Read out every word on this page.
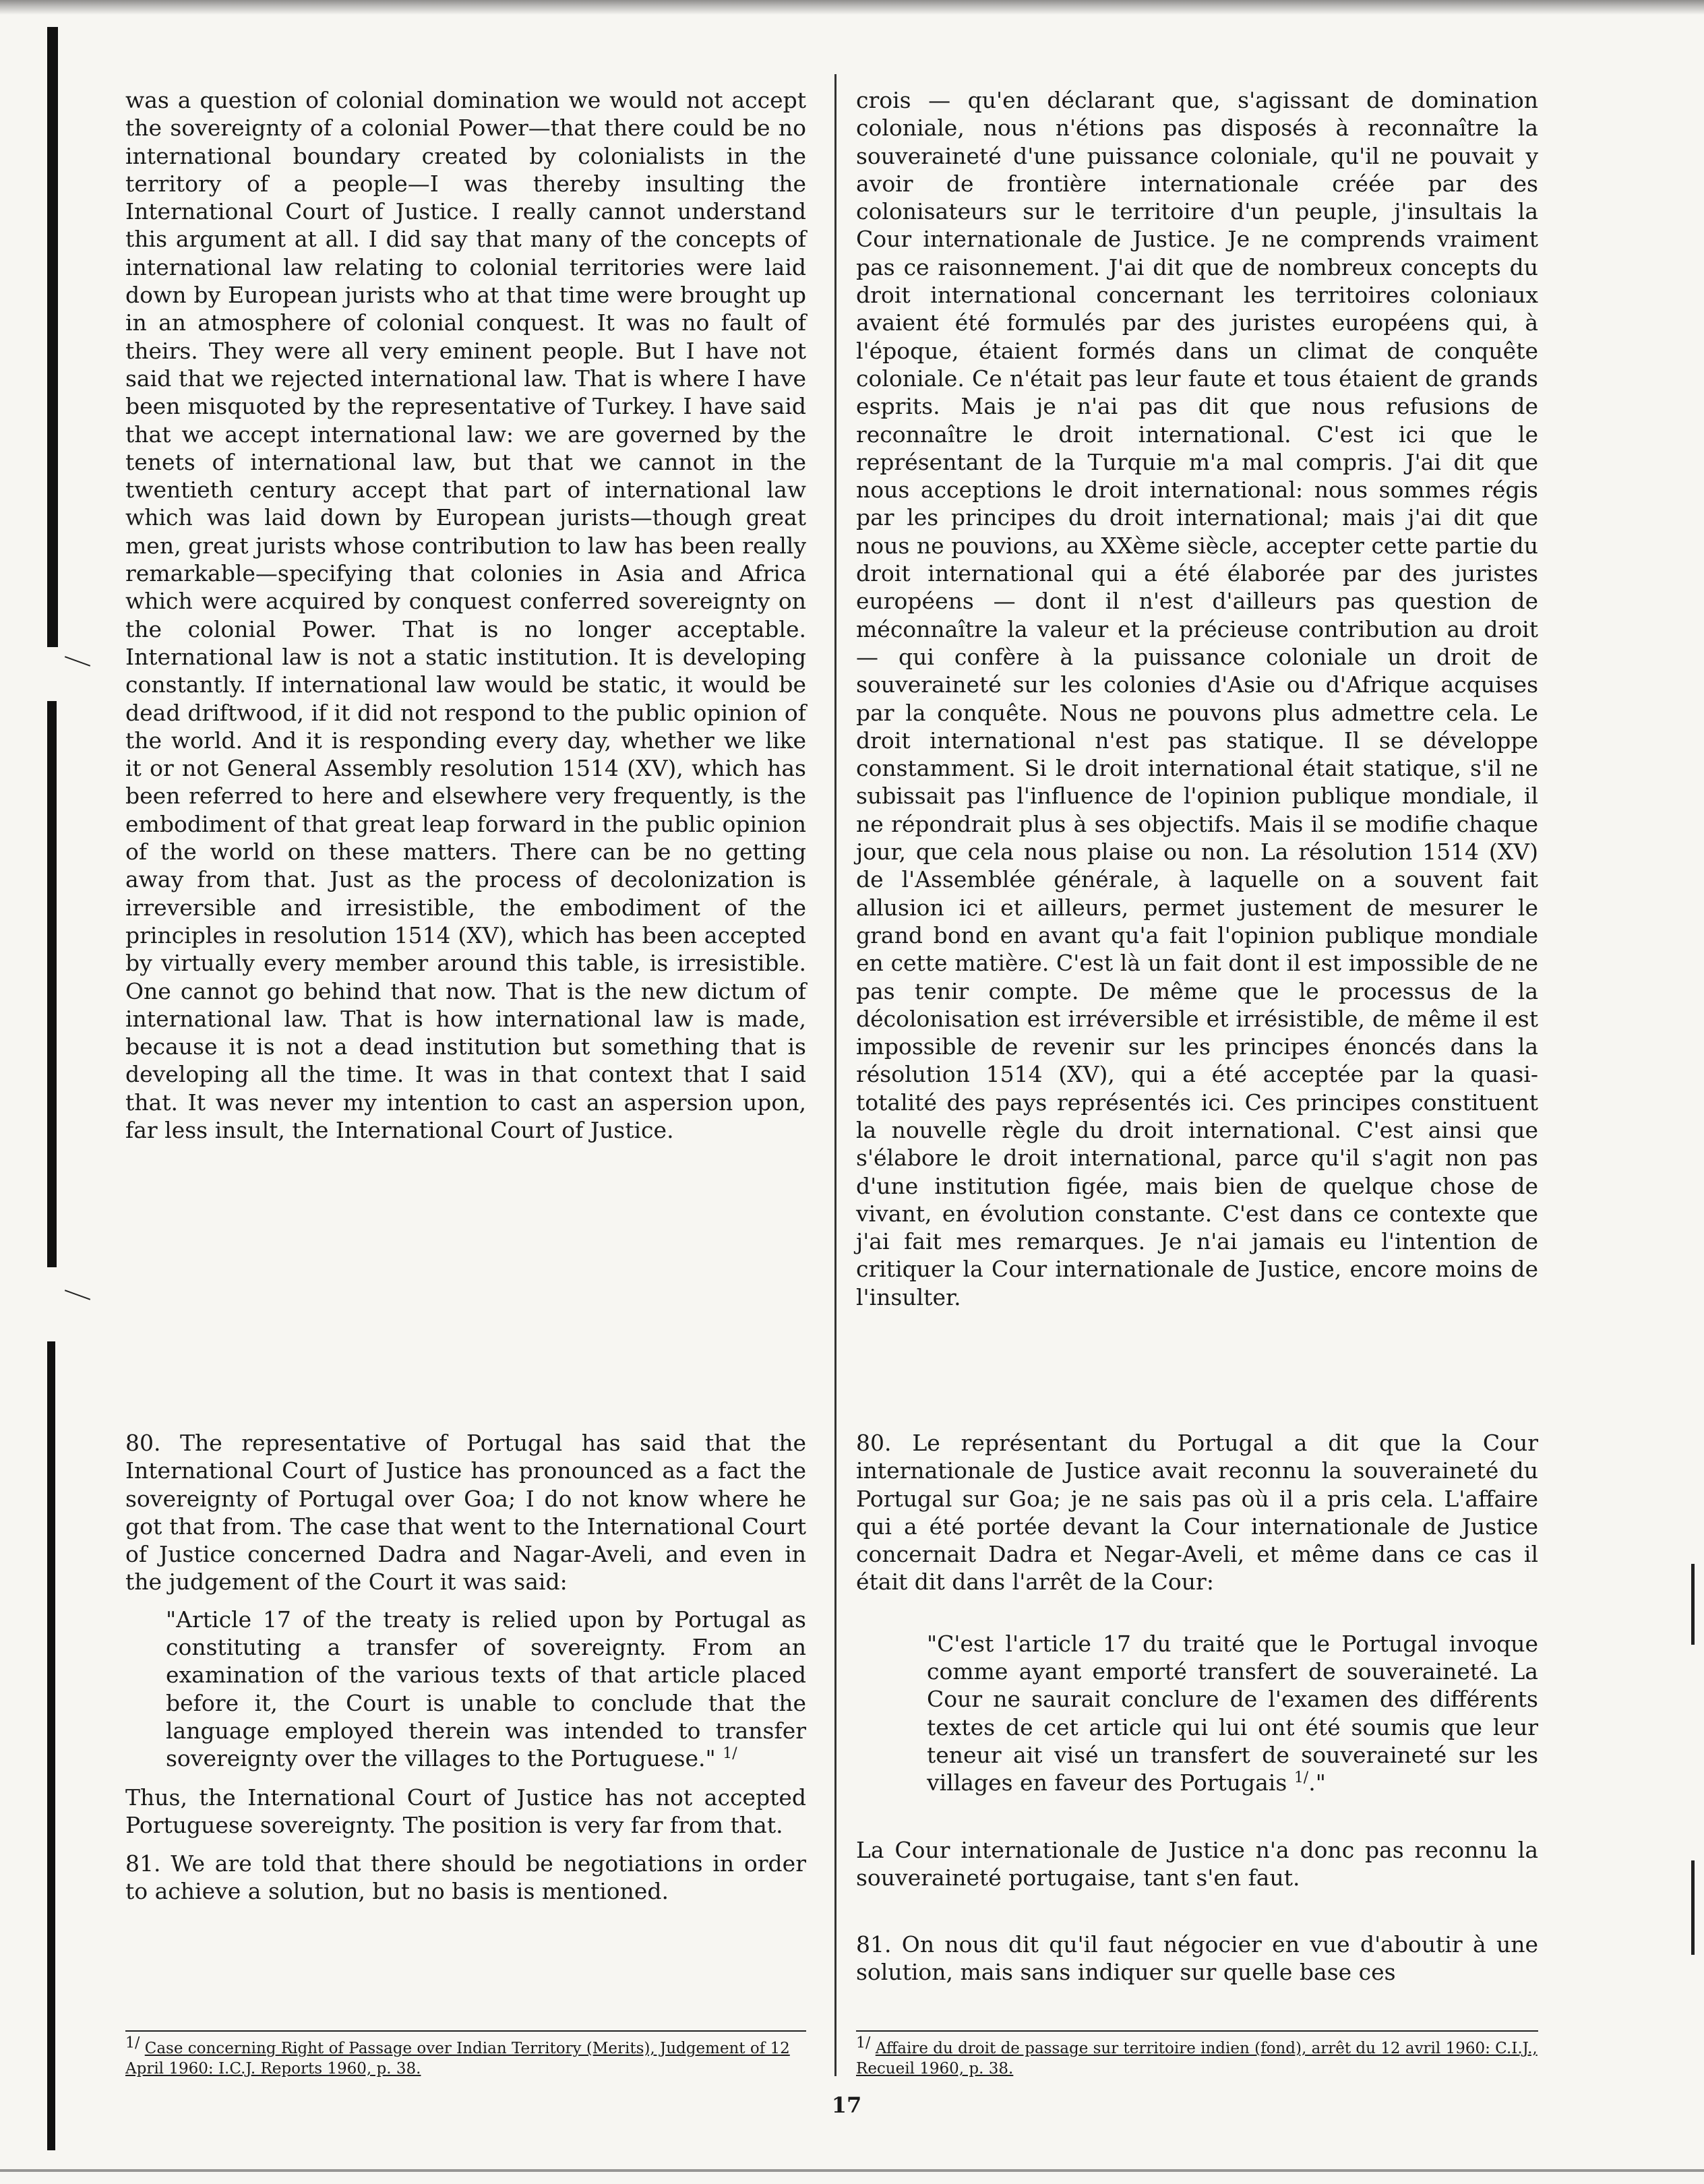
was a question of colonial domination we would not accept the sovereignty of a colonial Power—that there could be no international boundary created by colonialists in the territory of a people—I was thereby insulting the International Court of Justice. I really cannot understand this argument at all. I did say that many of the concepts of international law relating to colonial territories were laid down by European jurists who at that time were brought up in an atmosphere of colonial conquest. It was no fault of theirs. They were all very eminent people. But I have not said that we rejected international law. That is where I have been misquoted by the representative of Turkey. I have said that we accept international law: we are governed by the tenets of international law, but that we cannot in the twentieth century accept that part of international law which was laid down by European jurists—though great men, great jurists whose contribution to law has been really remarkable—specifying that colonies in Asia and Africa which were acquired by conquest conferred sovereignty on the colonial Power. That is no longer acceptable. International law is not a static institution. It is developing constantly. If international law would be static, it would be dead driftwood, if it did not respond to the public opinion of the world. And it is responding every day, whether we like it or not General Assembly resolution 1514 (XV), which has been referred to here and elsewhere very frequently, is the embodiment of that great leap forward in the public opinion of the world on these matters. There can be no getting away from that. Just as the process of decolonization is irreversible and irresistible, the embodiment of the principles in resolution 1514 (XV), which has been accepted by virtually every member around this table, is irresistible. One cannot go behind that now. That is the new dictum of international law. That is how international law is made, because it is not a dead institution but something that is developing all the time. It was in that context that I said that. It was never my intention to cast an aspersion upon, far less insult, the International Court of Justice.

80. The representative of Portugal has said that the International Court of Justice has pronounced as a fact the sovereignty of Portugal over Goa; I do not know where he got that from. The case that went to the International Court of Justice concerned Dadra and Nagar-Aveli, and even in the judgement of the Court it was said:

"Article 17 of the treaty is relied upon by Portugal as constituting a transfer of sovereignty. From an examination of the various texts of that article placed before it, the Court is unable to conclude that the language employed therein was intended to transfer sovereignty over the villages to the Portuguese." $^{1/}$

Thus, the International Court of Justice has not accepted Portuguese sovereignty. The position is very far from that.

81. We are told that there should be negotiations in order to achieve a solution, but no basis is mentioned.

crois — qu'en déclarant que, s'agissant de domination coloniale, nous n'étions pas disposés à reconnaître la souveraineté d'une puissance coloniale, qu'il ne pouvait y avoir de frontière internationale créée par des colonisateurs sur le territoire d'un peuple, j'insultais la Cour internationale de Justice. Je ne comprends vraiment pas ce raisonnement. J'ai dit que de nombreux concepts du droit international concernant les territoires coloniaux avaient été formulés par des juristes européens qui, à l'époque, étaient formés dans un climat de conquête coloniale. Ce n'était pas leur faute et tous étaient de grands esprits. Mais je n'ai pas dit que nous refusions de reconnaître le droit international. C'est ici que le représentant de la Turquie m'a mal compris. J'ai dit que nous acceptions le droit international: nous sommes régis par les principes du droit international; mais j'ai dit que nous ne pouvions, au XXème siècle, accepter cette partie du droit international qui a été élaborée par des juristes européens — dont il n'est d'ailleurs pas question de méconnaître la valeur et la précieuse contribution au droit — qui confère à la puissance coloniale un droit de souveraineté sur les colonies d'Asie ou d'Afrique acquises par la conquête. Nous ne pouvons plus admettre cela. Le droit international n'est pas statique. Il se développe constamment. Si le droit international était statique, s'il ne subissait pas l'influence de l'opinion publique mondiale, il ne répondrait plus à ses objectifs. Mais il se modifie chaque jour, que cela nous plaise ou non. La résolution 1514 (XV) de l'Assemblée générale, à laquelle on a souvent fait allusion ici et ailleurs, permet justement de mesurer le grand bond en avant qu'a fait l'opinion publique mondiale en cette matière. C'est là un fait dont il est impossible de ne pas tenir compte. De même que le processus de la décolonisation est irréversible et irrésistible, de même il est impossible de revenir sur les principes énoncés dans la résolution 1514 (XV), qui a été acceptée par la quasi-totalité des pays représentés ici. Ces principes constituent la nouvelle règle du droit international. C'est ainsi que s'élabore le droit international, parce qu'il s'agit non pas d'une institution figée, mais bien de quelque chose de vivant, en évolution constante. C'est dans ce contexte que j'ai fait mes remarques. Je n'ai jamais eu l'intention de critiquer la Cour internationale de Justice, encore moins de l'insulter.

80. Le représentant du Portugal a dit que la Cour internationale de Justice avait reconnu la souveraineté du Portugal sur Goa; je ne sais pas où il a pris cela. L'affaire qui a été portée devant la Cour internationale de Justice concernait Dadra et Negar-Aveli, et même dans ce cas il était dit dans l'arrêt de la Cour:

"C'est l'article 17 du traité que le Portugal invoque comme ayant emporté transfert de souveraineté. La Cour ne saurait conclure de l'examen des différents textes de cet article qui lui ont été soumis que leur teneur ait visé un transfert de souveraineté sur les villages en faveur des Portugais $^{1/}$."

La Cour internationale de Justice n'a donc pas reconnu la souveraineté portugaise, tant s'en faut.

81. On nous dit qu'il faut négocier en vue d'aboutir à une solution, mais sans indiquer sur quelle base ces

$^{1/}$ Case concerning Right of Passage over Indian Territory (Merits), Judgement of 12 April 1960: I.C.J. Reports 1960, p. 38.
$^{1/}$ Affaire du droit de passage sur territoire indien (fond), arrêt du 12 avril 1960: C.I.J., Recueil 1960, p. 38.
17
